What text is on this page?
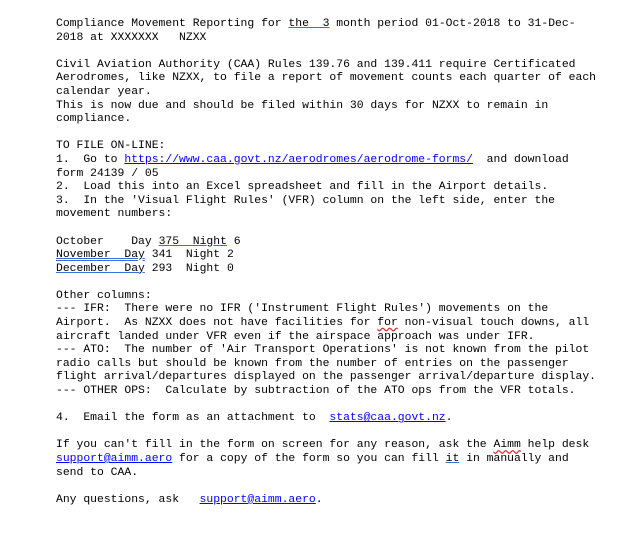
Compliance Movement Reporting for the 3 month period 01-Oct-2018 to 31-Dec-2018 at XXXXXXX   NZXX

Civil Aviation Authority (CAA) Rules 139.76 and 139.411 require Certificated Aerodromes, like NZXX, to file a report of movement counts each quarter of each calendar year.

This is now due and should be filed within 30 days for NZXX to remain in compliance.

TO FILE ON-LINE:

1.  Go to https://www.caa.govt.nz/aerodromes/aerodrome-forms/  and download form 24139 / 05

2.  Load this into an Excel spreadsheet and fill in the Airport details.

3.  In the 'Visual Flight Rules' (VFR) column on the left side, enter the movement numbers:

October Day 375 Night 6

November Day 341 Night 2

December Day 293 Night 0

Other columns:

--- IFR:  There were no IFR ('Instrument Flight Rules') movements on the Airport.  As NZXX does not have facilities for for non-visual touch downs, all aircraft landed under VFR even if the airspace approach was under IFR.

--- ATO:  The number of 'Air Transport Operations' is not known from the pilot radio calls but should be known from the number of entries on the passenger flight arrival/departures displayed on the passenger arrival/departure display.

--- OTHER OPS:  Calculate by subtraction of the ATO ops from the VFR totals.

4.  Email the form as an attachment to  stats@caa.govt.nz.

If you can't fill in the form on screen for any reason, ask the Aimm help desk  support@aimm.aero for a copy of the form so you can fill it in manually and send to CAA.

Any questions, ask   support@aimm.aero.
